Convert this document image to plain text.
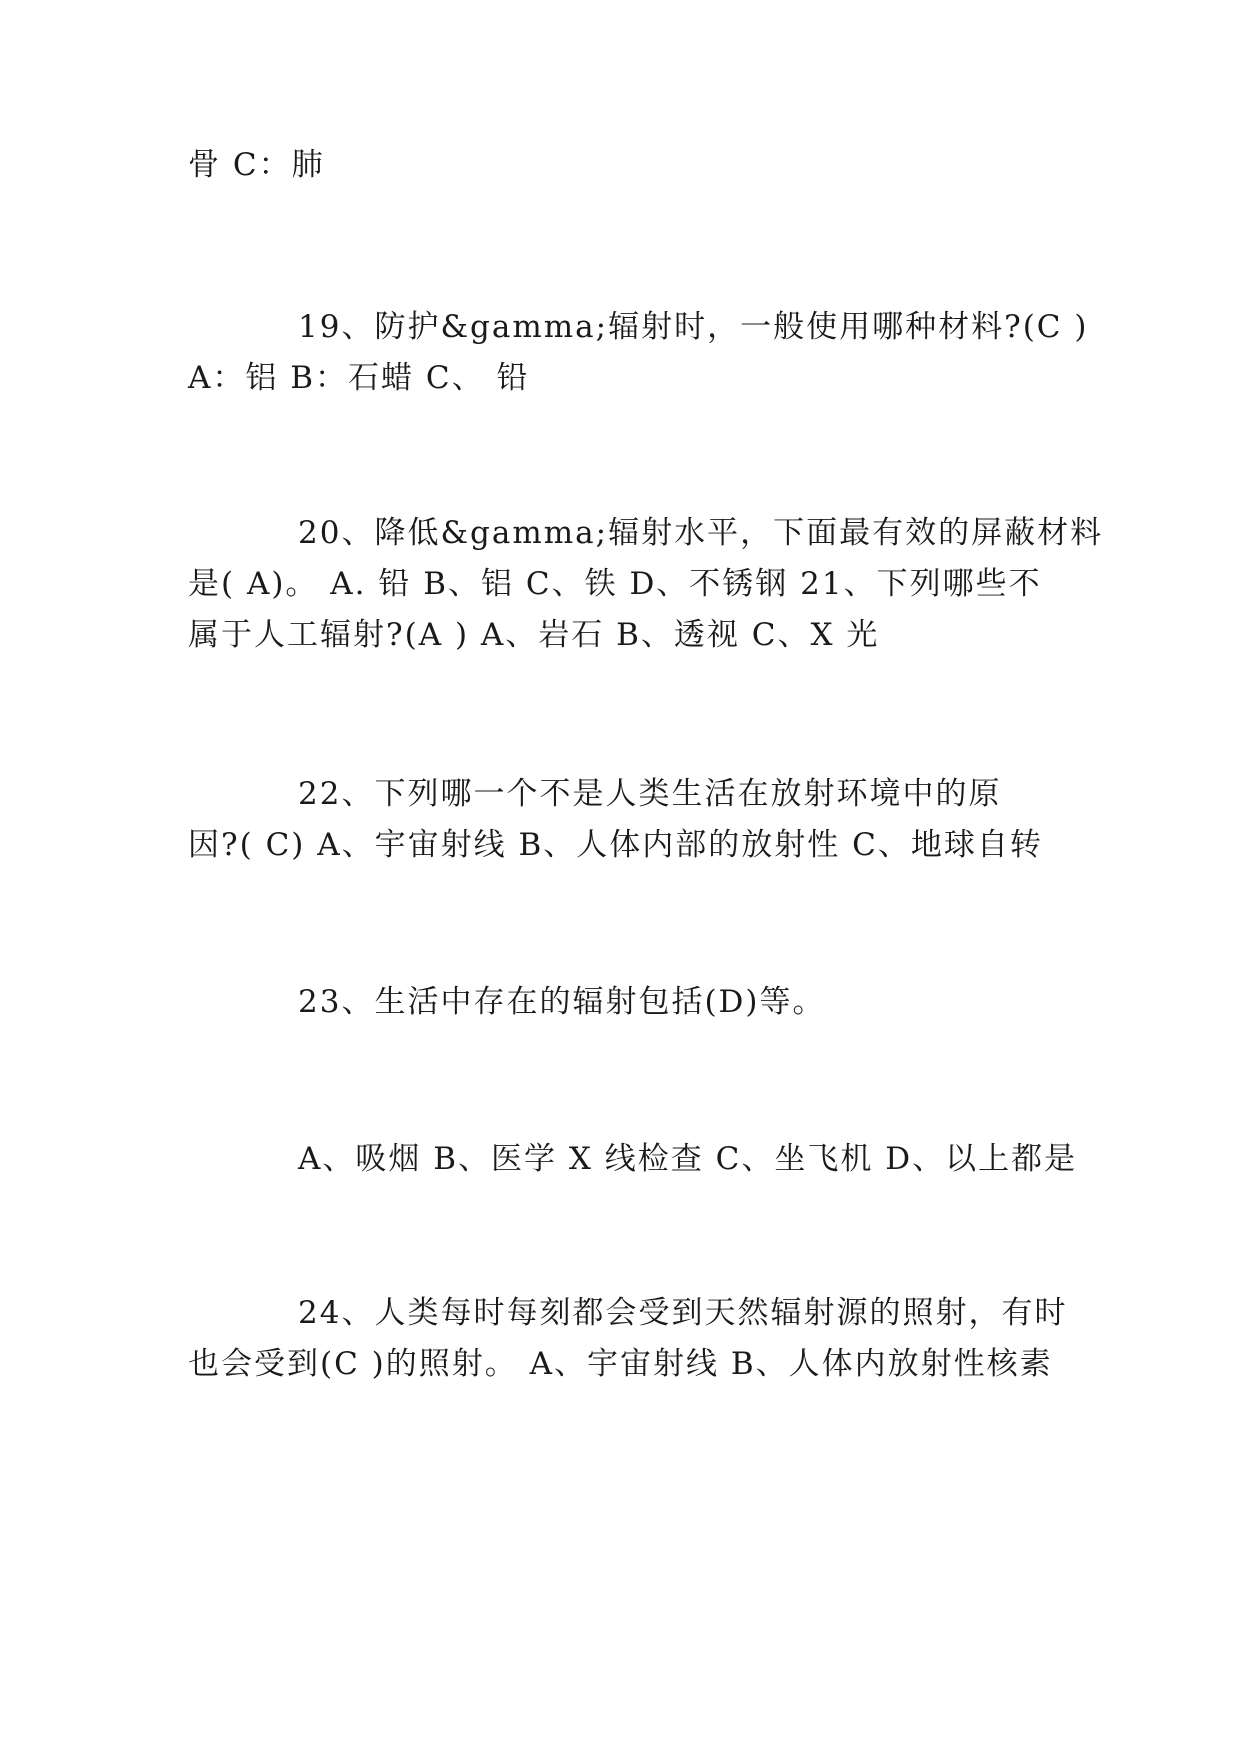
骨 C：肺

19、防护&gamma;辐射时，一般使用哪种材料?(C )
A：铝 B：石蜡 C、 铅

20、降低&gamma;辐射水平，下面最有效的屏蔽材料
是( A)。 A. 铅 B、铝 C、铁 D、不锈钢 21、下列哪些不
属于人工辐射?(A ) A、岩石 B、透视 C、X 光

22、下列哪一个不是人类生活在放射环境中的原
因?( C) A、宇宙射线 B、人体内部的放射性 C、地球自转

23、生活中存在的辐射包括(D)等。

A、吸烟 B、医学 X 线检查 C、坐飞机 D、以上都是

24、人类每时每刻都会受到天然辐射源的照射，有时
也会受到(C )的照射。 A、宇宙射线 B、人体内放射性核素
